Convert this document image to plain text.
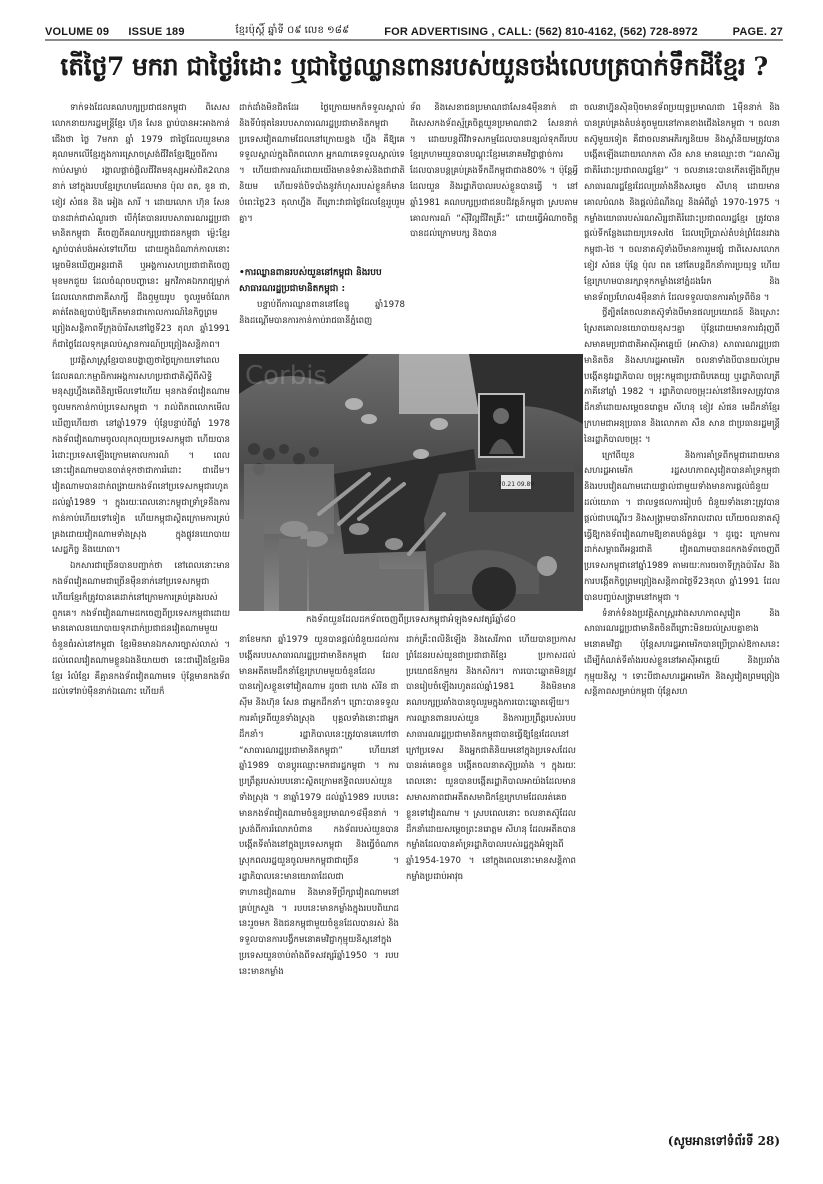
VOLUME 09 ISSUE 189	ខ្មែរប៉ុស្ដិ៍ ឆ្នាំទី ០៩ លេខ ១៨៩	FOR ADVERTISING , CALL: (562) 810-4162, (562) 728-8972	PAGE. 27
តើថ្ងៃ7 មករា ជាថ្ងៃរំដោះ ឬជាថ្ងៃឈ្លានពានរបស់យួនចង់លេបត្របាក់ទឹកដីខ្មែរ ?

ទាក់ទងដែលគណបក្សប្រជាជនកម្ពុជា ពិសេសលោកនាយករដ្ឋមន្ត្រីខ្មែរ ហ៊ុន សែន ធ្លាប់បានអះអាងកាន់ជើងថា ថ្ងៃ 7មករា ឆ្នាំ 1979 ជាថ្ងៃដែលយួនមានគុណមកលើខ្មែរក្នុងការស្រោចស្រង់ជីវិតខ្មែរឱ្យរួចពីការកាប់សម្លាប់ រង្គាលផ្តាច់ផ្តិលជីវិតមនុស្សអស់ជិត2លាននាក់ នៅក្នុងរបបខ្មែរក្រហមដែលមាន ប៉ុល ពត, នួន ជា, ខៀវ សំផន និង អៀង សារី ។ ដោយលោក ហ៊ុន សែន បានដាក់ជាសំណួរថា បើកុំតែបានរបបសាធារណរដ្ឋប្រជាមានិតកម្ពុជា គឺចេញពីគណបក្សប្រជាជនកម្ពុជា ម្ល៉េះខ្មែរស្លាប់បាត់បង់អស់ទៅហើយ ដោយក្នុងដំណាក់កាលនោះ ម្តេចមិនឃើញអន្តរជាតិ ឬអង្គការសហប្រជាជាតិចេញមុខមកជួយ ដែលចំណុចបញ្ហានេះ អ្នកវិភាគឯករាជ្យម្នាក់ ដែលលោកជាភាគីសាក្សី ដឹងឮមួយរូប ចូលរួមចំណែកគាត់តែងឲ្យបាប់ឱ្យកើតមានជាកោលការណ៍នៃកិច្ចព្រមព្រៀងសន្តិភាពទីក្រុងប៉ារីសនៅថ្ងៃទី23 តុលា ឆ្នាំ1991 ក៏ជាថ្ងៃដែលទុកគ្រលប់ស្ថានការណ៍ប្រព្រៀងសន្តិភាព។

ប្រវត្តិសាស្ត្រខ្មែរបានបង្ហាញថាថ្ងៃក្រោយទៅពេលដែលគណៈកម្មាធិការអង្គការសហប្រជាជាតិស្តីពីសិទ្ធិមនុស្សហ្នឹងគេពិនិត្យមើលទៅហើយ មុនកងទ័ពវៀតណាមចូលមកកាន់កាប់ប្រទេសកម្ពុជា ។ រាល់ពិភពលោកមើលឃើញហើយថា នៅឆ្នាំ1979 ប៉ុន្តែបន្ទាប់ពីឆ្នាំ 1978 កងទ័ពវៀតណាមចូលលុកលុយប្រទេសកម្ពុជា ហើយបានរំដោះប្រទេសឡើងក្រោមគោលការណ៍ ។ ពេលនោះវៀតណាមបានចាត់ទុកថាជាការរំដោះ ជាដើម។ វៀតណាមបានដាក់ពង្រាយកងទ័ពនៅប្រទេសកម្ពុជារហូតដល់ឆ្នាំ1989 ។ ក្នុងរយៈពេលនោះកម្ពុជាទ្រាំទ្រនឹងការកាន់កាប់ហើយទៅទៀត ហើយកម្ពុជាស្ថិតក្រោមការគ្រប់គ្រងដោយវៀតណាមទាំងស្រុង ក្នុងផ្លូវនយោបាយ សេដ្ឋកិច្ច និងយោធា។

ឯកសារជាច្រើនបានបញ្ជាក់ថា នៅពេលនោះមានកងទ័ពវៀតណាមជាច្រើនម៉ឺននាក់នៅប្រទេសកម្ពុជា ហើយខ្មែរក៏ត្រូវបានគេដាក់នៅក្រោមការគ្រប់គ្រងរបស់ពួកគេ។ កងទ័ពវៀតណាមដកចេញពីប្រទេសកម្ពុជាដោយមានគោលនយោបាយទុកដាក់ប្រជាជនវៀតណាមមួយចំនួនធំរស់នៅកម្ពុជា ខ្មែរមិនមានឯកសារច្បាស់លាស់ ។ ដល់ពេលវៀតណាមខ្លួនឯងនិយាយថា នេះជារឿងខ្មែរមិនខ្មែរ រំលំខ្មែរ គឺគ្មានកងទ័ពវៀតណាមទេ ប៉ុន្តែមានកងទ័ពដល់ទៅរាប់ម៉ឺននាក់ឯណោះ ហើយក៏

ដាក់ដាំងមិនជិតដែរ ថ្ងៃក្រោយមកក៏ទទួលស្គាល់ និងទីបំផុតនៃរបបសាធារណរដ្ឋប្រជាមានិតកម្ពុជា ប្រទេសវៀតណាមដែលនៅក្រោយខ្នង ហ្នឹង គឺឱ្យគេទទួលស្គាល់ក្នុងពិភពលោក អ្នកណាគេទទួលស្គាល់ទេ ។ ហើយជាការណ៍ដោយយើងមានទំនាស់និងជាជាតិនិយម ហើយទង់បិទបាំងនូវកំហុសរបស់ខ្លួនក៏មានបំពេះថ្ងៃ23 តុលាហ្នឹង ពីព្រោះវាជាថ្ងៃដែលខ្មែររួបរួមគ្នា។

•ការឈ្លានពានរបស់យួននៅកម្ពុជា និងរបប សាធារណរដ្ឋប្រជាមានិតកម្ពុជា :

បន្ទាប់ពីការឈ្លានពាននៅខែធ្នូ ឆ្នាំ1978 និងដណ្តើមបានការកាន់កាប់រាជធានីភ្នំពេញ

ទ័ព និងសេនាជនប្រមាណជាសែន4ម៉ឺននាក់ ជាពិសេសកងទ័ពស្ម័គ្រចិត្តយួនប្រមាណជា2 សែននាក់ ។ ដោយបន្តពីវិវាទសកម្មដែលបានបន្សល់ទុកពីរបបខ្មែរក្រហមយួនបានបណ្តុះខ្មែរមនោគមវិជ្ជាផ្តាច់ការដែលបានបន្តគ្រប់គ្រងទឹកដីកម្ពុជាជាង80% ។ ប៉ុន្តែអ្វីដែលយួន និងរដ្ឋាភិបាលរបស់ខ្លួនបានធ្វើ ។ នៅឆ្នាំ1981 គណបក្សប្រជាជនបដិវត្តន៍កម្ពុជា ស្របតាមគោលការណ៍ “ស៊ីវិល្អជីវិតគ្រឹះ” ដោយធ្វើអំណាចចិត្តបានដល់ក្រោមបក្ស និងបាន

ចលនាហ្វ៊ុនស៊ិនប៉ិចមានទ័ពប្រយុទ្ធប្រមាណជា 1ម៉ឺននាក់ និងបានគ្រប់គ្រងតំបន់តូចមួយនៅភាគខាងជើងនៃកម្ពុជា ។ ចលនាតស៊ូមួយទៀត គឺជាចលនាអភិរក្សនិយម និងស្តាំនិយមត្រូវបានបង្កើតឡើងដោយលោកតា សឺន សាន មានឈ្មោះថា “រណសិរ្សជាតិរំដោះប្រជាពលរដ្ឋខ្មែរ” ។ ចលនានេះបានកើតឡើងពីក្រុមសាធារណរដ្ឋខ្មែរដែលប្រឆាំងនឹងសម្តេច សីហនុ ដោយមានគោលបំណង និងផ្តល់ដំណឹងល្អ និងអំពីឆ្នាំ 1970-1975 ។ កម្លាំងយោធារបស់រណសិរ្សជាតិរំដោះប្រជាពលរដ្ឋខ្មែរ ត្រូវបានផ្តល់ទីកន្លែងដោយប្រទេសថៃ ដែលប្រើប្រាស់តំបន់ព្រំដែនរវាងកម្ពុជា-ថៃ ។ ចលនាតស៊ូទាំងបីមានការរួមផ្សំ ជាពិសេសលោក ខៀវ សំផន ប៉ុន្តែ ប៉ុល ពត នៅតែបន្តដឹកនាំការប្រយុទ្ធ ហើយខ្មែរក្រហមបានរក្សាទុកកម្លាំងនៅភ្នំដងរែក និងមានទ័ពប្រហែល4ម៉ឺននាក់ ដែលទទួលបានការគាំទ្រពីចិន ។

ថ្វីត្បិតតែចលនាតស៊ូទាំងបីមានផលប្រយោជន៍ និងស្រោះស្រែតគោលនយោបាយខុសៗគ្នា ប៉ុន្តែដោយមានការជំរុញពីសមាគមប្រជាជាតិអាស៊ីអាគ្នេយ៍ (អាស៊ាន) សាធារណរដ្ឋប្រជាមានិតចិន និងសហរដ្ឋអាមេរិក ចលនាទាំងបីបានយល់ព្រមបង្កើតនូវរដ្ឋាភិបាល ចម្រុះកម្ពុជាប្រជាធិបតេយ្យ ឬរដ្ឋាភិបាលត្រីភាគីនៅឆ្នាំ 1982 ។ រដ្ឋាភិបាលចម្រុះរស់នៅនិរទេសត្រូវបានដឹកនាំដោយសម្តេចនរោត្តម សីហនុ ខៀវ សំផន មេដឹកនាំខ្មែរក្រហមជាអនុប្រធាន និងលោកតា សឺន សាន ជាប្រធានរដ្ឋមន្ត្រីនៃរដ្ឋាភិបាលចម្រុះ ។

ក្រៅពីយួន និងការគាំទ្រពីកម្ពុជាដោយមានសហរដ្ឋអាមេរិក រដ្ឋសហភាពសូវៀតបានគាំទ្រកម្ពុជា និងរបបវៀតណាមដោយផ្ទាល់ជាមួយទាំងមានការផ្តល់ជំនួយដល់យោធា ។ ជាលទ្ធផលការរៀបចំ ជំនួយទាំងនោះត្រូវបានផ្តល់ជាបណ្តើរៗ និងសង្គ្រាមបានរីករាលដាល ហើយចលនាតស៊ូធ្វើឱ្យកងទ័ពវៀតណាមឱ្យខាតបង់ធ្ងន់ធ្ងរ ។ ដូច្នេះ ក្រោមការដាក់សម្ពាធពីអន្តរជាតិ វៀតណាមបានដកកងទ័ពចេញពីប្រទេសកម្ពុជានៅឆ្នាំ1989 តាមរយៈការចរចាទីក្រុងប៉ារីស និងការបង្កើតកិច្ចព្រមព្រៀងសន្តិភាពថ្ងៃទី23តុលា ឆ្នាំ1991 ដែលបានបញ្ចប់សង្គ្រាមនៅកម្ពុជា ។

ទំនាក់ទំនងប្រវត្តិសាស្ត្ររវាងសហភាពសូវៀត និងសាធារណរដ្ឋប្រជាមានិតចិនពីព្រោះមិនយល់ស្របគ្នាខាងមនោគមវិជ្ជា ប៉ុន្តែសហរដ្ឋអាមេរិកបានប្រើប្រាស់ឱកាសនេះ ដើម្បីកំណត់ទីតាំងរបស់ខ្លួននៅអាស៊ីអាគ្នេយ៍ និងប្រឆាំងកុម្មុយនិស្ត ។ ទោះបីជាសហរដ្ឋអាមេរិក និងសូវៀតព្រមព្រៀងសន្តិភាពសម្រាប់កម្ពុជា ប៉ុន្តែសហ

70.21 09.89
Corbis
កងទ័ពយួនដែលដកទ័ពចេញពីប្រទេសកម្ពុជាអំឡុងទសវត្សរ៍ឆ្នាំ៨០

នាខែមករា ឆ្នាំ1979 យួនបានផ្តល់ជំនួយដល់ការបង្កើតរបបសាធារណរដ្ឋប្រជាមានិតកម្ពុជា ដែលមានអតីតមេដឹកនាំខ្មែរក្រហមមួយចំនួនដែលបានភៀសខ្លួនទៅវៀតណាម ដូចជា ហេង សំរិន ជា ស៊ីម និងហ៊ុន សែន ជាអ្នកដឹកនាំ។ ព្រោះបានទទួលការគាំទ្រពីយួនទាំងស្រុង បុគ្គលទាំងនោះជាអ្នកដឹកនាំ។ រដ្ឋាភិបាលនេះត្រូវបានគេហៅថា “សាធារណរដ្ឋប្រជាមានិតកម្ពុជា” ហើយនៅឆ្នាំ1989 បានប្តូរឈ្មោះមកជារដ្ឋកម្ពុជា ។ ការប្រព្រឹត្តរបស់របបនោះស្ថិតក្រោមឥទ្ធិពលរបស់យួនទាំងស្រុង ។ នាឆ្នាំ1979 ដល់ឆ្នាំ1989 របបនេះមានកងទ័ពវៀតណាមចំនួនប្រមាណ១៨ម៉ឺននាក់ ។ ស្រង់ពីការរំលោភបំពាន កងទ័ពរបស់យួនបានបង្កើតទីតាំងនៅក្នុងប្រទេសកម្ពុជា និងធ្វើចំណាកស្រុកពលរដ្ឋយួនចូលមកកម្ពុជាជាច្រើន ។ រដ្ឋាភិបាលនេះមានយោធាដែលជាទាហានវៀតណាម និងមានទីប្រឹក្សាវៀតណាមនៅគ្រប់ក្រសួង ។ របបនេះមានកម្លាំងក្នុងរបបពិឃាដនេះរួចមក និងជនកម្ពុជាមួយចំនួនដែលបានរស់ និងទទួលបានការបង្វឹកមនោគមវិជ្ជាកុម្មុយនិស្តនៅក្នុងប្រទេសយួនចាប់តាំងពីទសវត្សរ៍ឆ្នាំ1950 ។ របបនេះមានកម្លាំង

ដាក់គ្រឹះពលិនិឡើង និងសេរីភាព ហើយបានប្រកាសព្រំដែនរបស់យួនជាប្រជាជាតិខ្មែរ ប្រកាសដល់ប្រយោជន៍កម្មករ និងកសិករ។ ការបោះឆ្នោតមិនត្រូវបានរៀបចំឡើងរហូតដល់ឆ្នាំ1981 និងមិនមានគណបក្សប្រឆាំងបានចូលរួមក្នុងការបោះឆ្នោតឡើយ។ ការឈ្លានពានរបស់យួន និងការប្រព្រឹត្តរបស់របបសាធារណរដ្ឋប្រជាមានិតកម្ពុជាបានធ្វើឱ្យខ្មែរដែលនៅក្រៅប្រទេស និងអ្នកជាតិនិយមនៅក្នុងប្រទេសដែលបានរត់គេចខ្លួន បង្កើតចលនាតស៊ូប្រឆាំង ។ ក្នុងរយៈពេលនោះ យួនបានបង្កើតរដ្ឋាភិបាលអាយ៉ងដែលមានសមាសភាពជាអតីតសមាជិកខ្មែរក្រហមដែលរត់គេចខ្លួនទៅវៀតណាម ។ ស្របពេលនោះ ចលនាតស៊ូដែលដឹកនាំដោយសម្តេចព្រះនរោត្តម សីហនុ ដែលអតីតបានកម្លាំងដែលបានគាំទ្ររដ្ឋាភិបាលរបស់រដ្ឋក្នុងអំឡុងពីឆ្នាំ1954-1970 ។ នៅក្នុងពេលនោះមានសន្តិភាពកម្លាំងប្រដាប់អាវុធ

(សូមអានទៅទំព័រទី 28)
